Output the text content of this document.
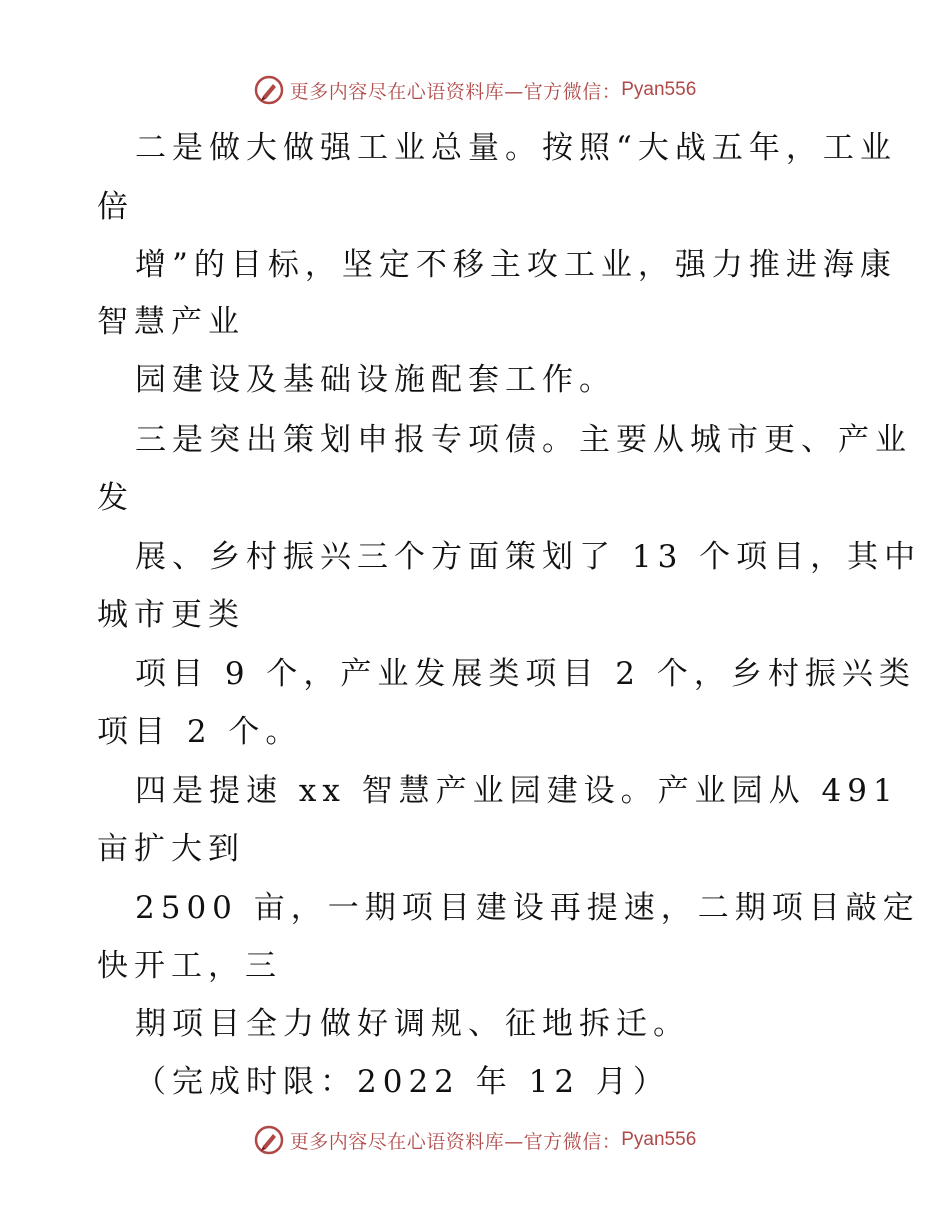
更多内容尽在心语资料库—官方微信： Pyan556
二是做大做强工业总量。按照“大战五年，工业
倍
增”的目标，坚定不移主攻工业，强力推进海康
智慧产业
园建设及基础设施配套工作。
三是突出策划申报专项债。主要从城市更、产业
发
展、乡村振兴三个方面策划了 13 个项目，其中
城市更类
项目 9 个，产业发展类项目 2 个，乡村振兴类
项目 2 个。
四是提速 xx 智慧产业园建设。产业园从 491
亩扩大到
2500 亩，一期项目建设再提速，二期项目敲定
快开工，三
期项目全力做好调规、征地拆迁。
（完成时限：2022 年 12 月）
更多内容尽在心语资料库—官方微信： Pyan556
